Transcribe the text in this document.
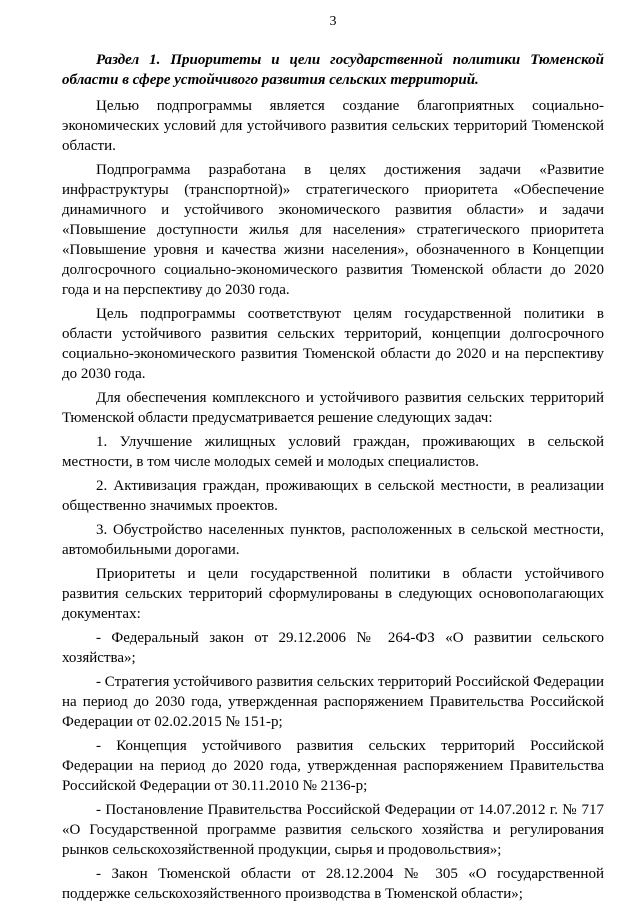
3

Раздел 1. Приоритеты и цели государственной политики Тюменской области в сфере устойчивого развития сельских территорий.

Целью подпрограммы является создание благоприятных социально-экономических условий для устойчивого развития сельских территорий Тюменской области.

Подпрограмма разработана в целях достижения задачи «Развитие инфраструктуры (транспортной)» стратегического приоритета «Обеспечение динамичного и устойчивого экономического развития области» и задачи «Повышение доступности жилья для населения» стратегического приоритета «Повышение уровня и качества жизни населения», обозначенного в Концепции долгосрочного социально-экономического развития Тюменской области до 2020 года и на перспективу до 2030 года.

Цель подпрограммы соответствуют целям государственной политики в области устойчивого развития сельских территорий, концепции долгосрочного социально-экономического развития Тюменской области до 2020 и на перспективу до 2030 года.

Для обеспечения комплексного и устойчивого развития сельских территорий Тюменской области предусматривается решение следующих задач:

1. Улучшение жилищных условий граждан, проживающих в сельской местности, в том числе молодых семей и молодых специалистов.

2. Активизация граждан, проживающих в сельской местности, в реализации общественно значимых проектов.

3. Обустройство населенных пунктов, расположенных в сельской местности, автомобильными дорогами.

Приоритеты и цели государственной политики в области устойчивого развития сельских территорий сформулированы в следующих основополагающих документах:

- Федеральный закон от 29.12.2006 № 264-ФЗ «О развитии сельского хозяйства»;

- Стратегия устойчивого развития сельских территорий Российской Федерации на период до 2030 года, утвержденная распоряжением Правительства Российской Федерации от 02.02.2015 № 151-р;

- Концепция устойчивого развития сельских территорий Российской Федерации на период до 2020 года, утвержденная распоряжением Правительства Российской Федерации от 30.11.2010 № 2136-р;

- Постановление Правительства Российской Федерации от 14.07.2012 г. № 717 «О Государственной программе развития сельского хозяйства и регулирования рынков сельскохозяйственной продукции, сырья и продовольствия»;

- Закон Тюменской области от 28.12.2004 № 305 «О государственной поддержке сельскохозяйственного производства в Тюменской области»;
